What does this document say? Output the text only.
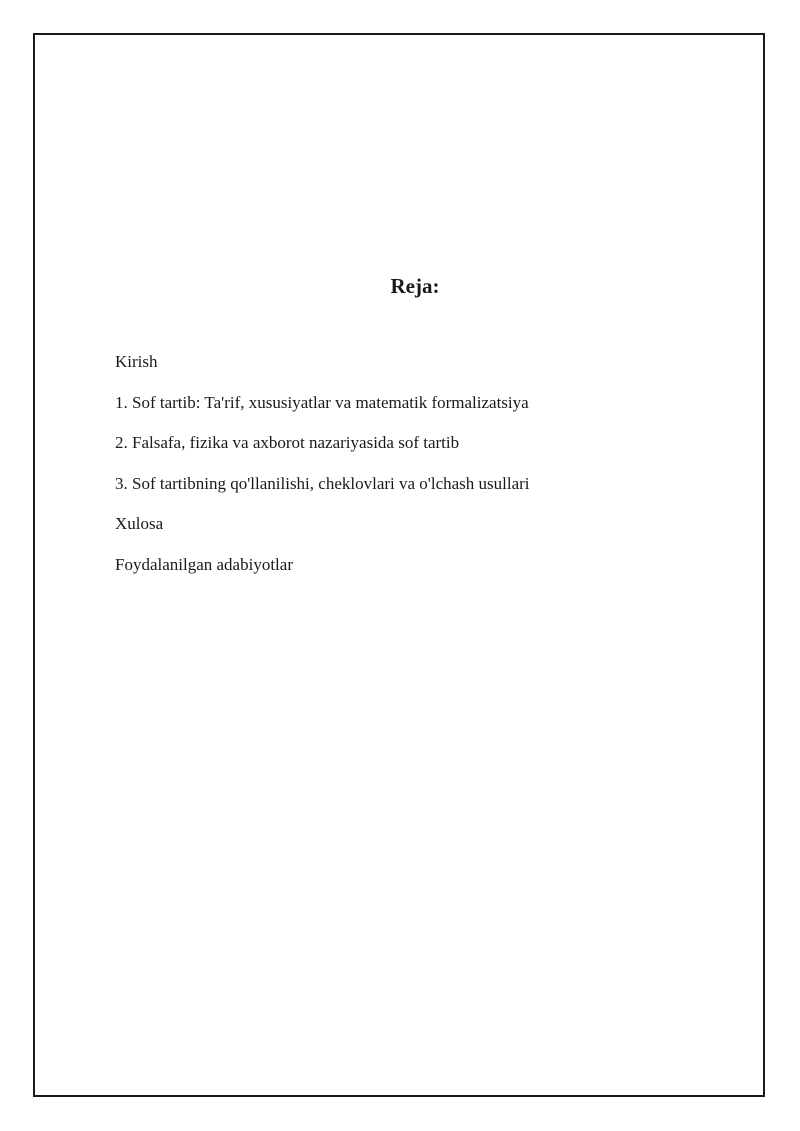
Reja:
Kirish
1. Sof tartib: Ta'rif, xususiyatlar va matematik formalizatsiya
2. Falsafa, fizika va axborot nazariyasida sof tartib
3. Sof tartibning qo'llanilishi, cheklovlari va o'lchash usullari
Xulosa
Foydalanilgan adabiyotlar
